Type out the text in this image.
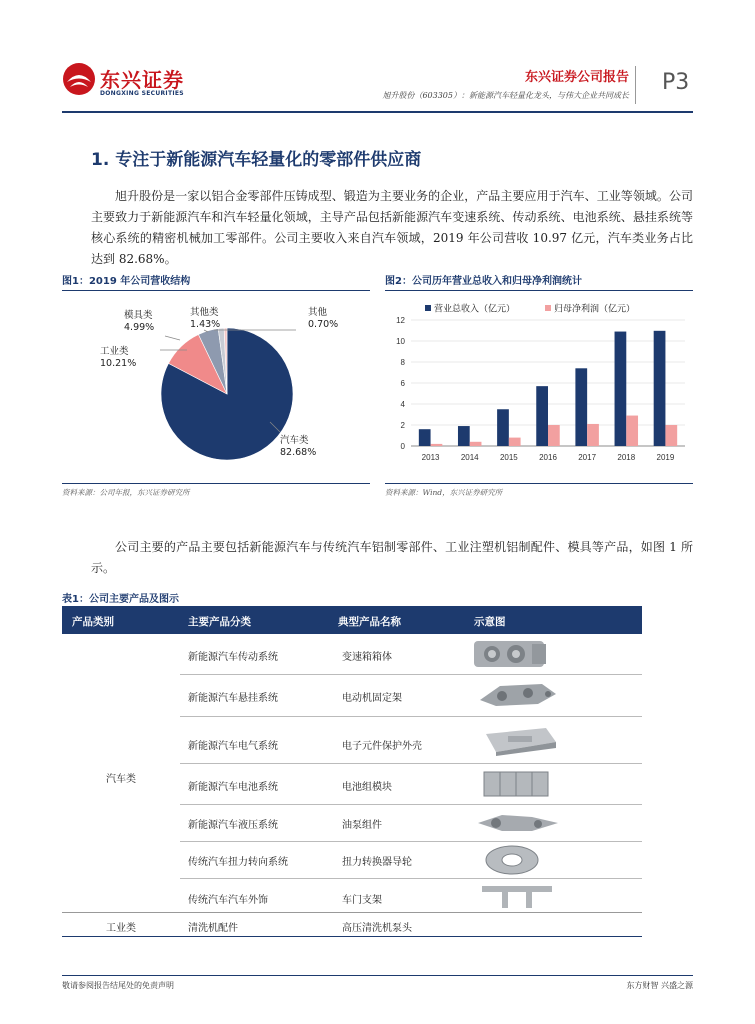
东兴证券
DONGXING SECURITIES
东兴证券公司报告
旭升股份（603305）：新能源汽车轻量化龙头，与伟大企业共同成长
P3
1. 专注于新能源汽车轻量化的零部件供应商
旭升股份是一家以铝合金零部件压铸成型、锻造为主要业务的企业，产品主要应用于汽车、工业等领域。公司主要致力于新能源汽车和汽车轻量化领域，主导产品包括新能源汽车变速系统、传动系统、电池系统、悬挂系统等核心系统的精密机械加工零部件。公司主要收入来自汽车领域，2019 年公司营收 10.97 亿元，汽车类业务占比达到 82.68%。
图1：2019 年公司营收结构
模具类
4.99%
其他类
1.43%
其他
0.70%
工业类
10.21%
汽车类
82.68%
资料来源：公司年报，东兴证券研究所
图2：公司历年营业总收入和归母净利润统计
0
2
4
6
8
10
12
2013	2014	2015	2016	2017	2018	2019
营业总收入（亿元）	归母净利润（亿元）
资料来源：Wind，东兴证券研究所
公司主要的产品主要包括新能源汽车与传统汽车铝制零部件、工业注塑机铝制配件、模具等产品，如图 1 所示。
表1：公司主要产品及图示
产品类别	主要产品分类	典型产品名称	示意图
汽车类
新能源汽车传动系统	变速箱箱体
新能源汽车悬挂系统	电动机固定架
新能源汽车电气系统	电子元件保护外壳
新能源汽车电池系统	电池组模块
新能源汽车液压系统	油泵组件
传统汽车扭力转向系统	扭力转换器导轮
传统汽车汽车外饰	车门支架
工业类	清洗机配件	高压清洗机泵头
敬请参阅报告结尾处的免责声明	东方财智 兴盛之源
